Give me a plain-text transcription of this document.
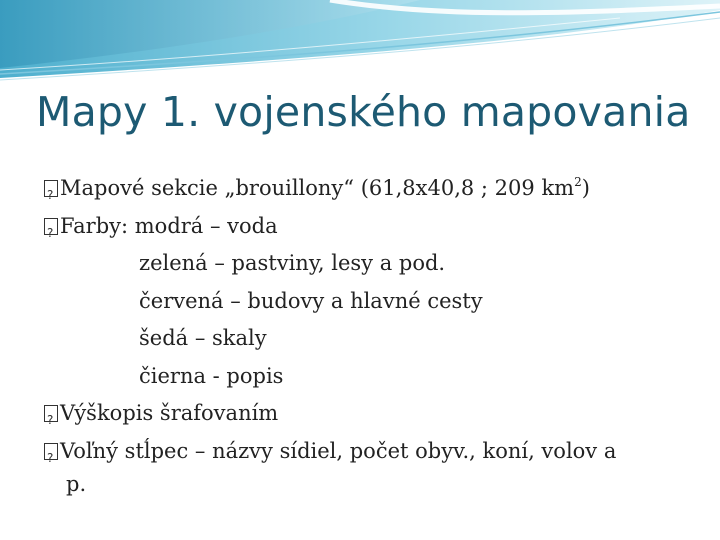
Mapy 1. vojenského mapovania
?Mapové sekcie „brouillony“ (61,8x40,8 ; 209 $km^2$)
?Farby: modrá – voda
zelená – pastviny, lesy a pod.
červená – budovy a hlavné cesty
šedá – skaly
čierna - popis
?Výškopis šrafovaním
?Voľný stĺpec – názvy sídiel, počet obyv., koní, volov a
p.
